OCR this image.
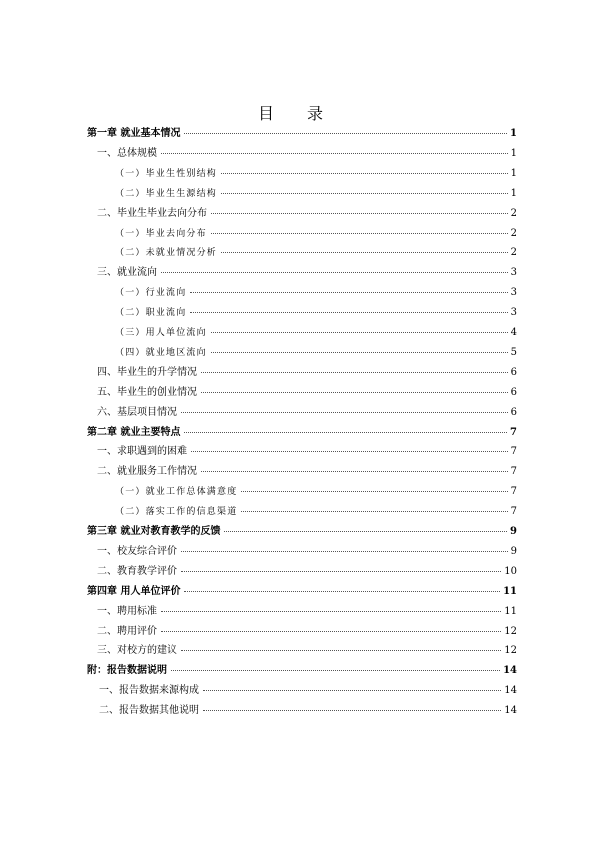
目 录
第一章 就业基本情况	1
一、总体规模	1
（一）毕业生性别结构	1
（二）毕业生生源结构	1
二、毕业生毕业去向分布	2
（一）毕业去向分布	2
（二）未就业情况分析	2
三、就业流向	3
（一）行业流向	3
（二）职业流向	3
（三）用人单位流向	4
（四）就业地区流向	5
四、毕业生的升学情况	6
五、毕业生的创业情况	6
六、基层项目情况	6
第二章 就业主要特点	7
一、求职遇到的困难	7
二、就业服务工作情况	7
（一）就业工作总体满意度	7
（二）落实工作的信息渠道	7
第三章 就业对教育教学的反馈	9
一、校友综合评价	9
二、教育教学评价	10
第四章 用人单位评价	11
一、聘用标准	11
二、聘用评价	12
三、对校方的建议	12
附：报告数据说明	14
一、报告数据来源构成	14
二、报告数据其他说明	14
